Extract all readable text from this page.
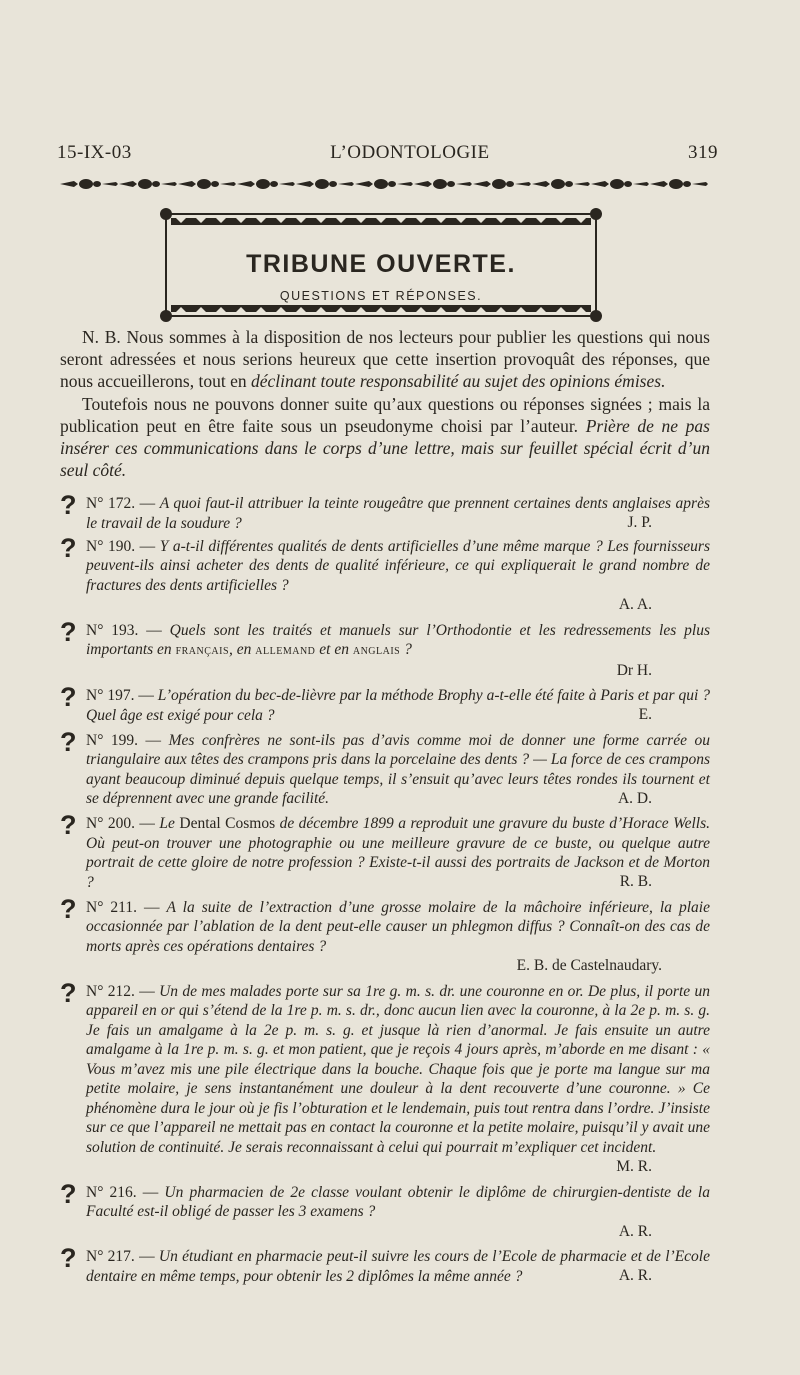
15-IX-03	L’ODONTOLOGIE	319
TRIBUNE OUVERTE.
QUESTIONS ET RÉPONSES.

N. B. Nous sommes à la disposition de nos lecteurs pour publier les questions qui nous seront adressées et nous serions heureux que cette insertion provoquât des réponses, que nous accueillerons, tout en déclinant toute responsabilité au sujet des opinions émises.

Toutefois nous ne pouvons donner suite qu’aux questions ou réponses signées ; mais la publication peut en être faite sous un pseudonyme choisi par l’auteur. Prière de ne pas insérer ces communications dans le corps d’une lettre, mais sur feuillet spécial écrit d’un seul côté.

? N° 172. — A quoi faut-il attribuer la teinte rougeâtre que prennent certaines dents anglaises après le travail de la soudure ?	J. P.
? N° 190. — Y a-t-il différentes qualités de dents artificielles d’une même marque ? Les fournisseurs peuvent-ils ainsi acheter des dents de qualité inférieure, ce qui expliquerait le grand nombre de fractures des dents artificielles ?
A. A.
? N° 193. — Quels sont les traités et manuels sur l’Orthodontie et les redressements les plus importants en français, en allemand et en anglais ?
Dr H.
? N° 197. — L’opération du bec-de-lièvre par la méthode Brophy a-t-elle été faite à Paris et par qui ? Quel âge est exigé pour cela ?	E.
? N° 199. — Mes confrères ne sont-ils pas d’avis comme moi de donner une forme carrée ou triangulaire aux têtes des crampons pris dans la porcelaine des dents ? — La force de ces crampons ayant beaucoup diminué depuis quelque temps, il s’ensuit qu’avec leurs têtes rondes ils tournent et se déprennent avec une grande facilité.	A. D.
? N° 200. — Le Dental Cosmos de décembre 1899 a reproduit une gravure du buste d’Horace Wells. Où peut-on trouver une photographie ou une meilleure gravure de ce buste, ou quelque autre portrait de cette gloire de notre profession ? Existe-t-il aussi des portraits de Jackson et de Morton ?	R. B.
? N° 211. — A la suite de l’extraction d’une grosse molaire de la mâchoire inférieure, la plaie occasionnée par l’ablation de la dent peut-elle causer un phlegmon diffus ? Connaît-on des cas de morts après ces opérations dentaires ?
E. B. de Castelnaudary.
? N° 212. — Un de mes malades porte sur sa 1re g. m. s. dr. une couronne en or. De plus, il porte un appareil en or qui s’étend de la 1re p. m. s. dr., donc aucun lien avec la couronne, à la 2e p. m. s. g. Je fais un amalgame à la 2e p. m. s. g. et jusque là rien d’anormal. Je fais ensuite un autre amalgame à la 1re p. m. s. g. et mon patient, que je reçois 4 jours après, m’aborde en me disant : « Vous m’avez mis une pile électrique dans la bouche. Chaque fois que je porte ma langue sur ma petite molaire, je sens instantanément une douleur à la dent recouverte d’une couronne. » Ce phénomène dura le jour où je fis l’obturation et le lendemain, puis tout rentra dans l’ordre. J’insiste sur ce que l’appareil ne mettait pas en contact la couronne et la petite molaire, puisqu’il y avait une solution de continuité. Je serais reconnaissant à celui qui pourrait m’expliquer cet incident.
M. R.
? N° 216. — Un pharmacien de 2e classe voulant obtenir le diplôme de chirurgien-dentiste de la Faculté est-il obligé de passer les 3 examens ?
A. R.
? N° 217. — Un étudiant en pharmacie peut-il suivre les cours de l’Ecole de pharmacie et de l’Ecole dentaire en même temps, pour obtenir les 2 diplômes la même année ?	A. R.
